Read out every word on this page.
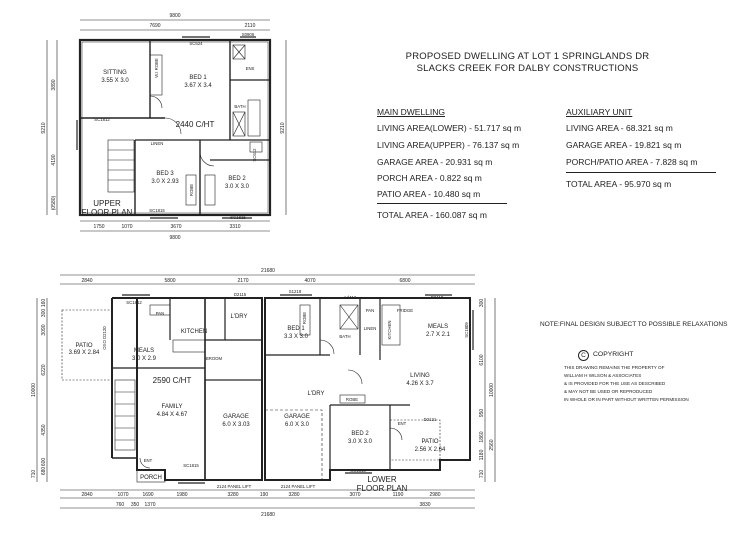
9800
7690	2110
SC624
S0906
SITTING
3.55 X 3.0	BED 1
3.67 X 3.4
W.I ROBE	ENS
BATH
2440 C/HT
SC1812
LINEN
BED 3
3.0 X 2.93	BED 2
3.0 X 3.0
ROBE
SC1815
SC1815
SC612
UPPER
FLOOR PLAN
1750	1070	3670	3310
9800
3890
4190
9210
(0580)
9210
21680
2840	5800	2170	4070	6800
SC1812
D2115
S1218
Ad412	D2118
SC1809
OXO D2120
PATIO
3.69 X 2.84
PAN
KITCHEN
L'DRY
BROOM
MEALS
3.0 X 2.9
2590 C/HT
FAMILY
4.84 X 4.67
ENT
SC1815
PORCH
GARAGE
6.0 X 3.03
GARAGE
6.0 X 3.0
2124 PANEL LIFT	2124 PANEL LIFT
BED 1
3.3 X 3.0
ROBE
BATH
PAN
LINEN KITCHEN
FRIDGE
MEALS
2.7 X 2.1
LIVING
4.26 X 3.7
L'DRY
ROBE
BED 2
3.0 X 3.0
ENT
D2121
PATIO
2.56 X 2.64
SC1815
LOWER
FLOOR PLAN
2840	1070	1690	1980	3280	190	3280	3070	1190	2980
760 350 1370	3830
21680
10000
6220
4350
3090
160
300
600
680
710
10000
6100
1860
1180
2560
710
950
300
PROPOSED DWELLING AT LOT 1 SPRINGLANDS DR
SLACKS CREEK FOR DALBY CONSTRUCTIONS
MAIN DWELLING
LIVING AREA(LOWER) - 51.717 sq m
LIVING AREA(UPPER) - 76.137 sq m
GARAGE AREA - 20.931 sq m
PORCH AREA - 0.822 sq m
PATIO AREA - 10.480 sq m
TOTAL AREA - 160.087 sq m
AUXILIARY UNIT
LIVING AREA - 68.321 sq m
GARAGE AREA - 19.821 sq m
PORCH/PATIO AREA - 7.828 sq m
TOTAL AREA - 95.970 sq m
NOTE:FINAL DESIGN SUBJECT TO POSSIBLE RELAXATIONS
C	COPYRIGHT
THIS DRAWING REMAINS THE PROPERTY OF
WILLIAM H WILSON & ASSOCIATES
& IS PROVIDED FOR THE USE AS DESCRIBED
& MAY NOT BE USED OR REPRODUCED
IN WHOLE OR IN PART WITHOUT WRITTEN PERMISSION
